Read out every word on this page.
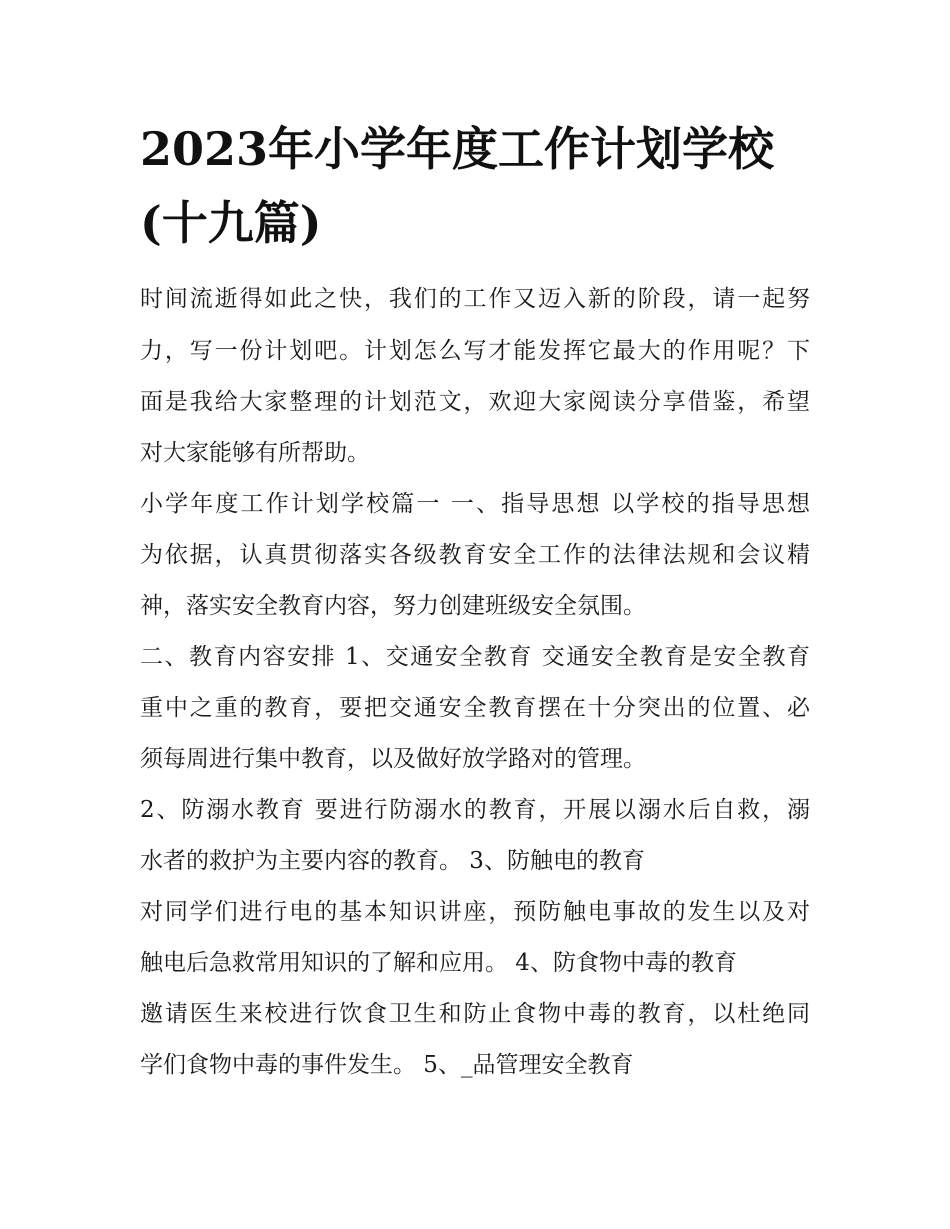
2023年小学年度工作计划学校
(十九篇)
时间流逝得如此之快，我们的工作又迈入新的阶段，请一起努
力，写一份计划吧。计划怎么写才能发挥它最大的作用呢？下
面是我给大家整理的计划范文，欢迎大家阅读分享借鉴，希望
对大家能够有所帮助。
小学年度工作计划学校篇一 一、指导思想 以学校的指导思想
为依据，认真贯彻落实各级教育安全工作的法律法规和会议精
神，落实安全教育内容，努力创建班级安全氛围。
二、教育内容安排 1、交通安全教育 交通安全教育是安全教育
重中之重的教育，要把交通安全教育摆在十分突出的位置、必
须每周进行集中教育，以及做好放学路对的管理。
2、防溺水教育 要进行防溺水的教育，开展以溺水后自救，溺
水者的救护为主要内容的教育。 3、防触电的教育
对同学们进行电的基本知识讲座，预防触电事故的发生以及对
触电后急救常用知识的了解和应用。 4、防食物中毒的教育
邀请医生来校进行饮食卫生和防止食物中毒的教育，以杜绝同
学们食物中毒的事件发生。 5、_品管理安全教育
